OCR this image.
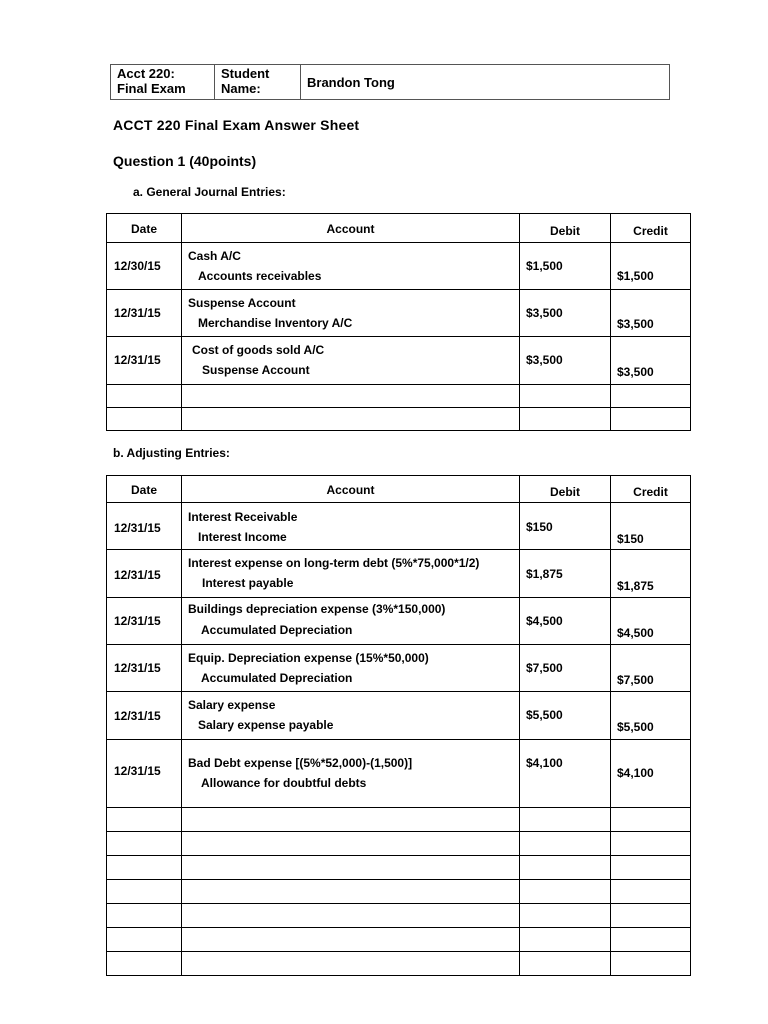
Acct 220:
Final Exam

Student
Name:	Brandon Tong
ACCT 220 Final Exam Answer Sheet
Question 1 (40points)
a. General Journal Entries:
Date	Account	Debit	Credit

12/30/15	Cash A/C
Accounts receivables	$1,500	$1,500

12/31/15	Suspense Account
Merchandise Inventory A/C	$3,500	$3,500

12/31/15	Cost of goods sold A/C
Suspense Account	$3,500	$3,500

b. Adjusting Entries:
Date	Account	Debit	Credit

12/31/15	Interest Receivable
Interest Income	$150	$150

12/31/15	Interest expense on long-term debt (5%*75,000*1/2)
Interest payable	$1,875	$1,875

12/31/15	Buildings depreciation expense (3%*150,000)
Accumulated Depreciation	$4,500	$4,500

12/31/15	Equip. Depreciation expense (15%*50,000)
Accumulated Depreciation	$7,500	$7,500

12/31/15	Salary expense
Salary expense payable	$5,500	$5,500

12/31/15	Bad Debt expense [(5%*52,000)-(1,500)]
Allowance for doubtful debts	$4,100	$4,100
